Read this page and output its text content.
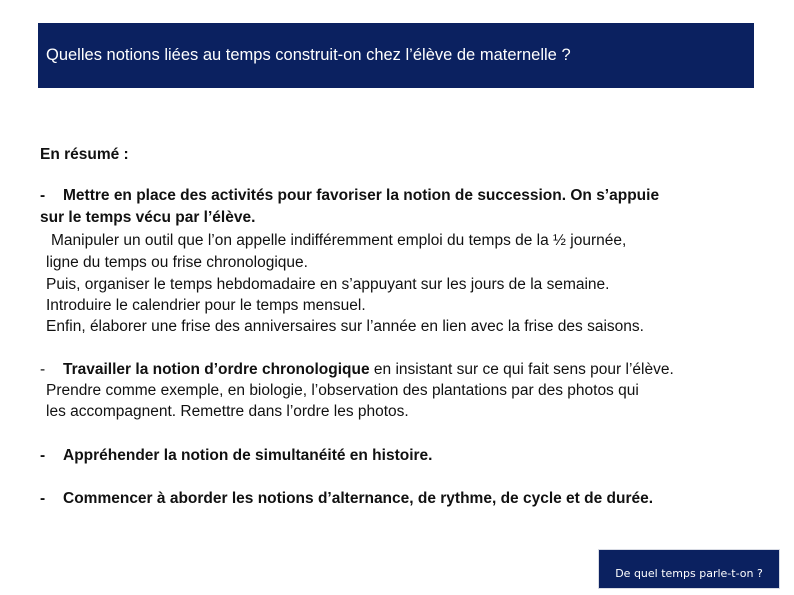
Quelles notions liées au temps construit-on chez l’élève de maternelle ?
En résumé :
- Mettre en place des activités pour favoriser la notion de succession. On s’appuie
sur le temps vécu par l’élève.
Manipuler un outil que l’on appelle indifféremment emploi du temps de la ½ journée,
ligne du temps ou frise chronologique.
Puis, organiser le temps hebdomadaire en s’appuyant sur les jours de la semaine.
Introduire le calendrier pour le temps mensuel.
Enfin, élaborer une frise des anniversaires sur l’année en lien avec la frise des saisons.
- Travailler la notion d’ordre chronologique en insistant sur ce qui fait sens pour l’élève.
Prendre comme exemple, en biologie, l’observation des plantations par des photos qui
les accompagnent. Remettre dans l’ordre les photos.
- Appréhender la notion de simultanéité en histoire.
- Commencer à aborder les notions d’alternance, de rythme, de cycle et de durée.
De quel temps parle-t-on ?
